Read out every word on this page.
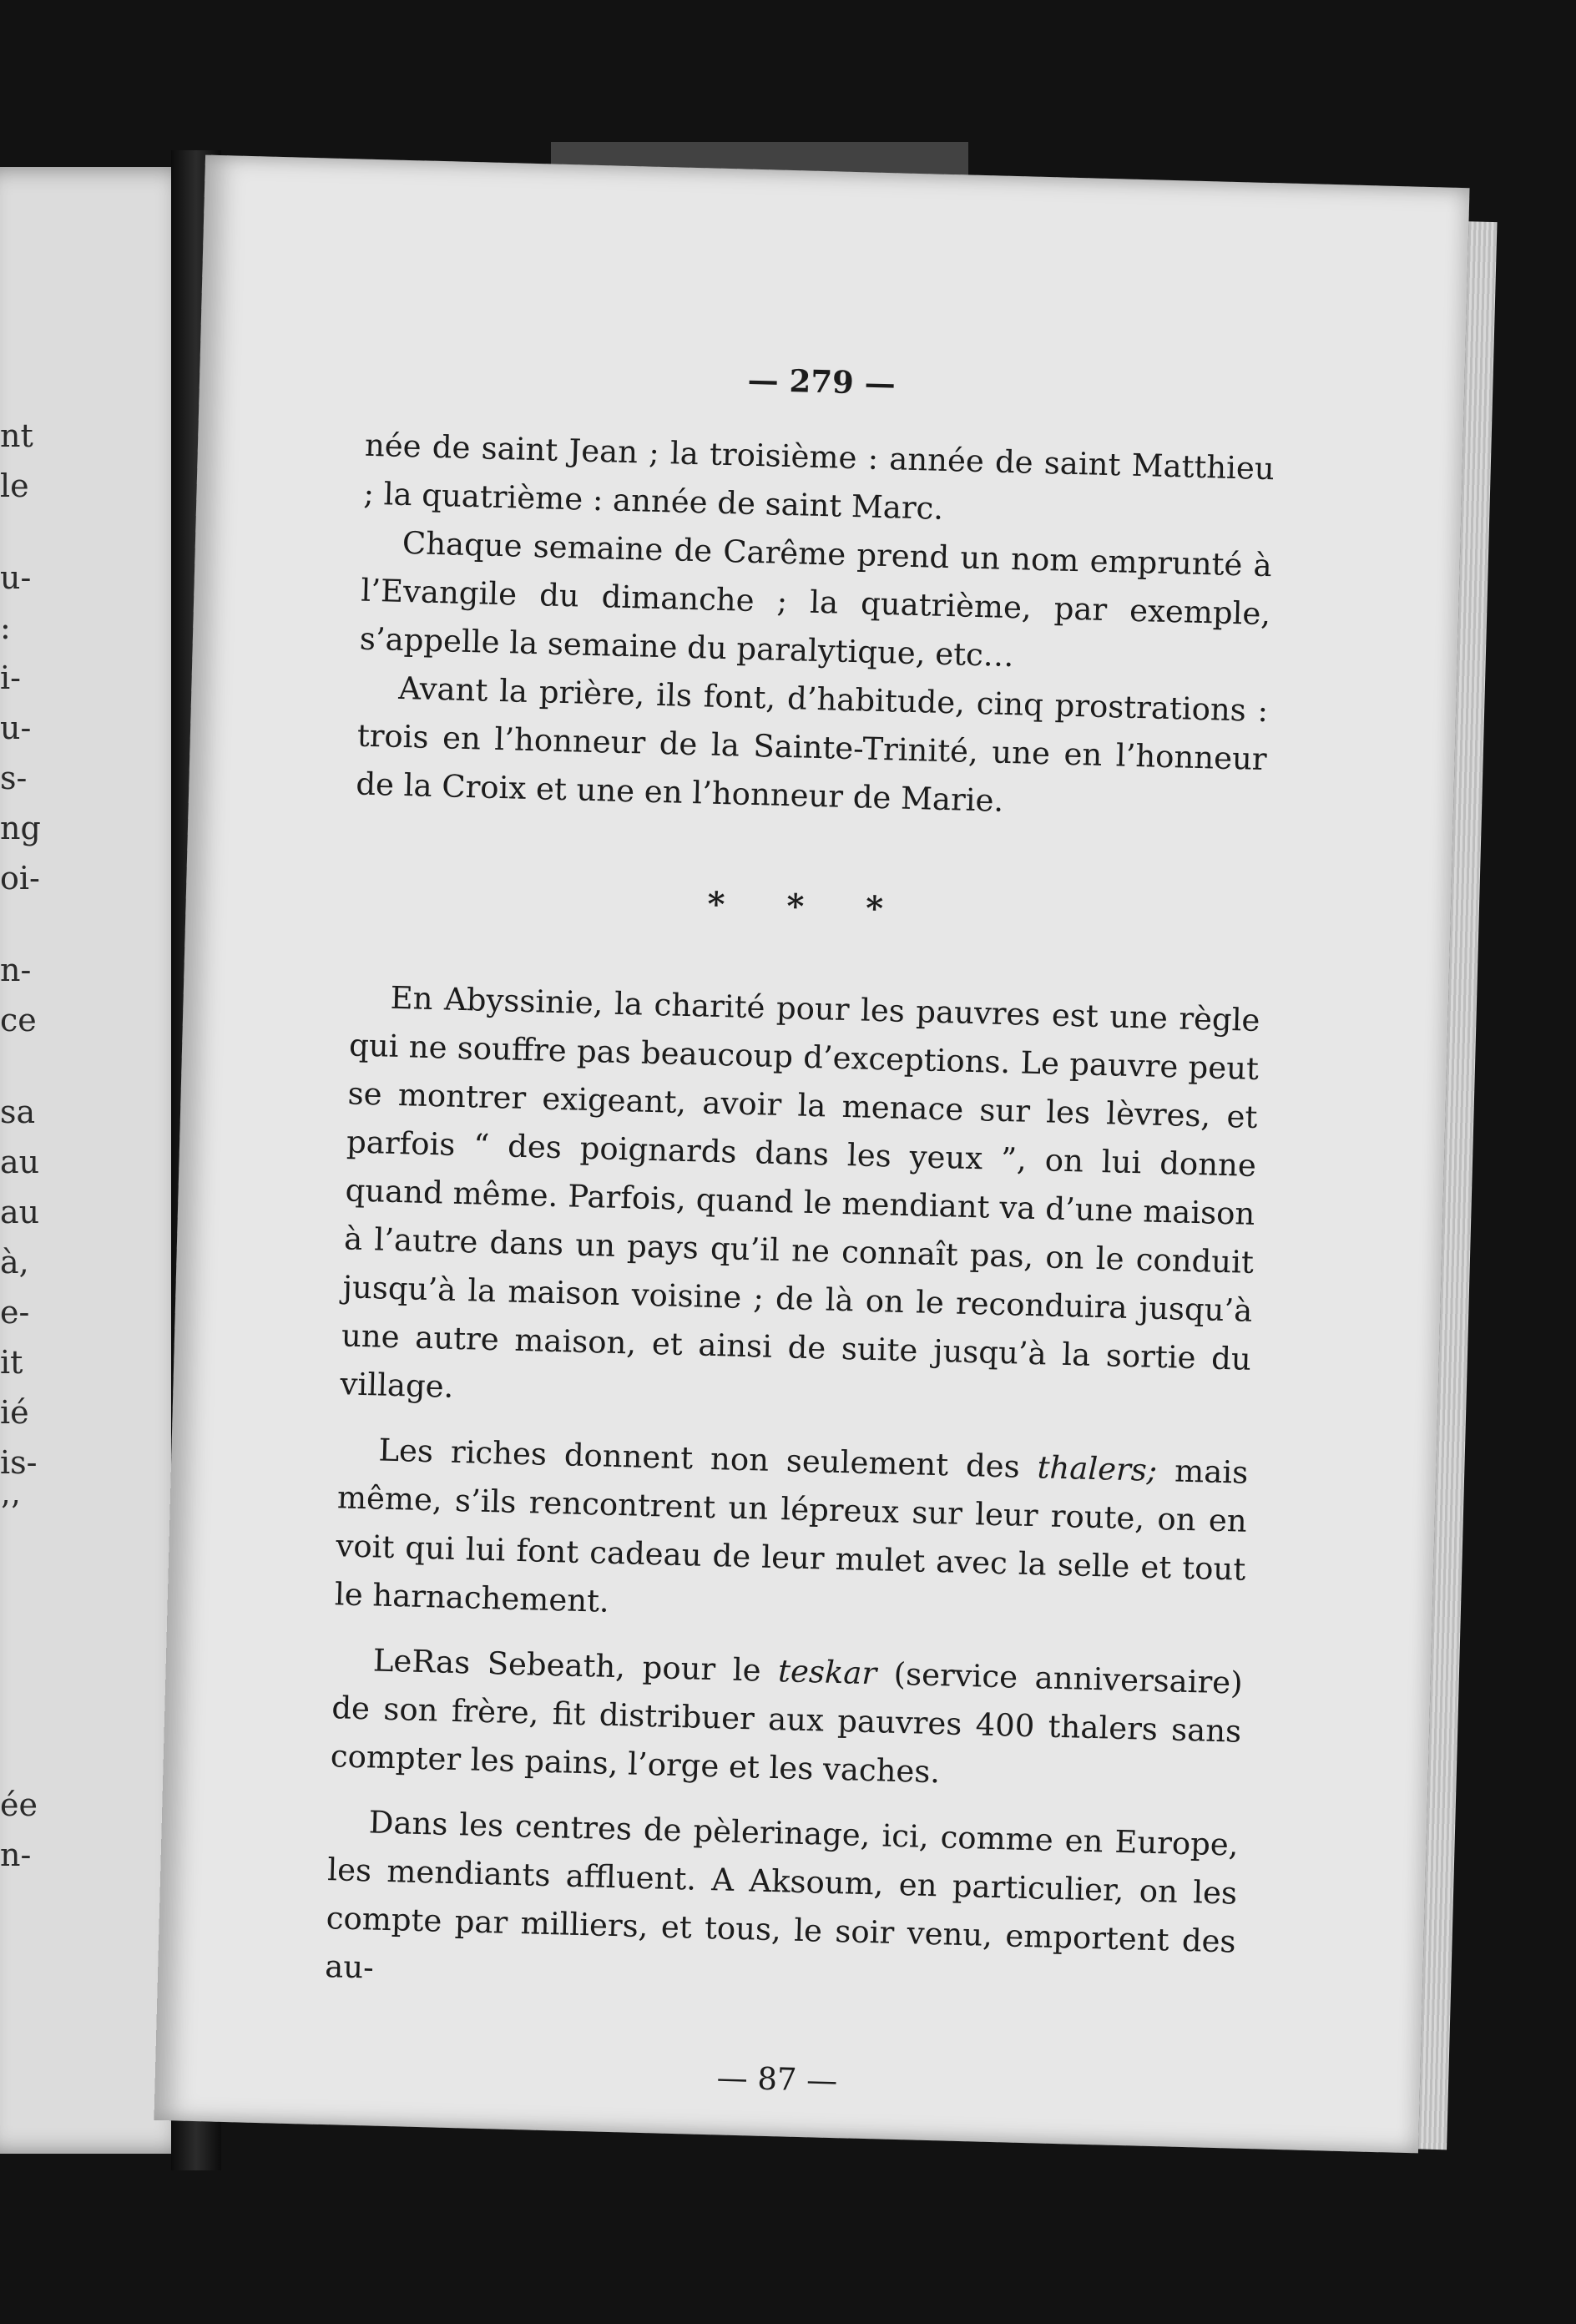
nt
le
u-
:
i-
u-
s-
ng
oi-
n-
ce
sa
au
au
à,
e-
it
ié
is-
’’
ée
n-

— 279 —

née de saint Jean ; la troisième : année de saint Matthieu ; la quatrième : année de saint Marc.

Chaque semaine de Carême prend un nom emprunté à l’Evangile du dimanche ; la quatrième, par exemple, s’appelle la semaine du paralytique, etc…

Avant la prière, ils font, d’habitude, cinq prostrations : trois en l’honneur de la Sainte-Trinité, une en l’honneur de la Croix et une en l’honneur de Marie.

* * *

En Abyssinie, la charité pour les pauvres est une règle qui ne souffre pas beaucoup d’exceptions. Le pauvre peut se montrer exigeant, avoir la menace sur les lèvres, et parfois “ des poignards dans les yeux ”, on lui donne quand même. Parfois, quand le mendiant va d’une maison à l’autre dans un pays qu’il ne connaît pas, on le conduit jusqu’à la maison voisine ; de là on le reconduira jusqu’à une autre maison, et ainsi de suite jusqu’à la sortie du village.

Les riches donnent non seulement des thalers; mais même, s’ils rencontrent un lépreux sur leur route, on en voit qui lui font cadeau de leur mulet avec la selle et tout le harnachement.

LeRas Sebeath, pour le teskar (service anniversaire) de son frère, fit distribuer aux pauvres 400 thalers sans compter les pains, l’orge et les vaches.

Dans les centres de pèlerinage, ici, comme en Europe, les mendiants affluent. A Aksoum, en particulier, on les compte par milliers, et tous, le soir venu, emportent des au-

— 87 —
